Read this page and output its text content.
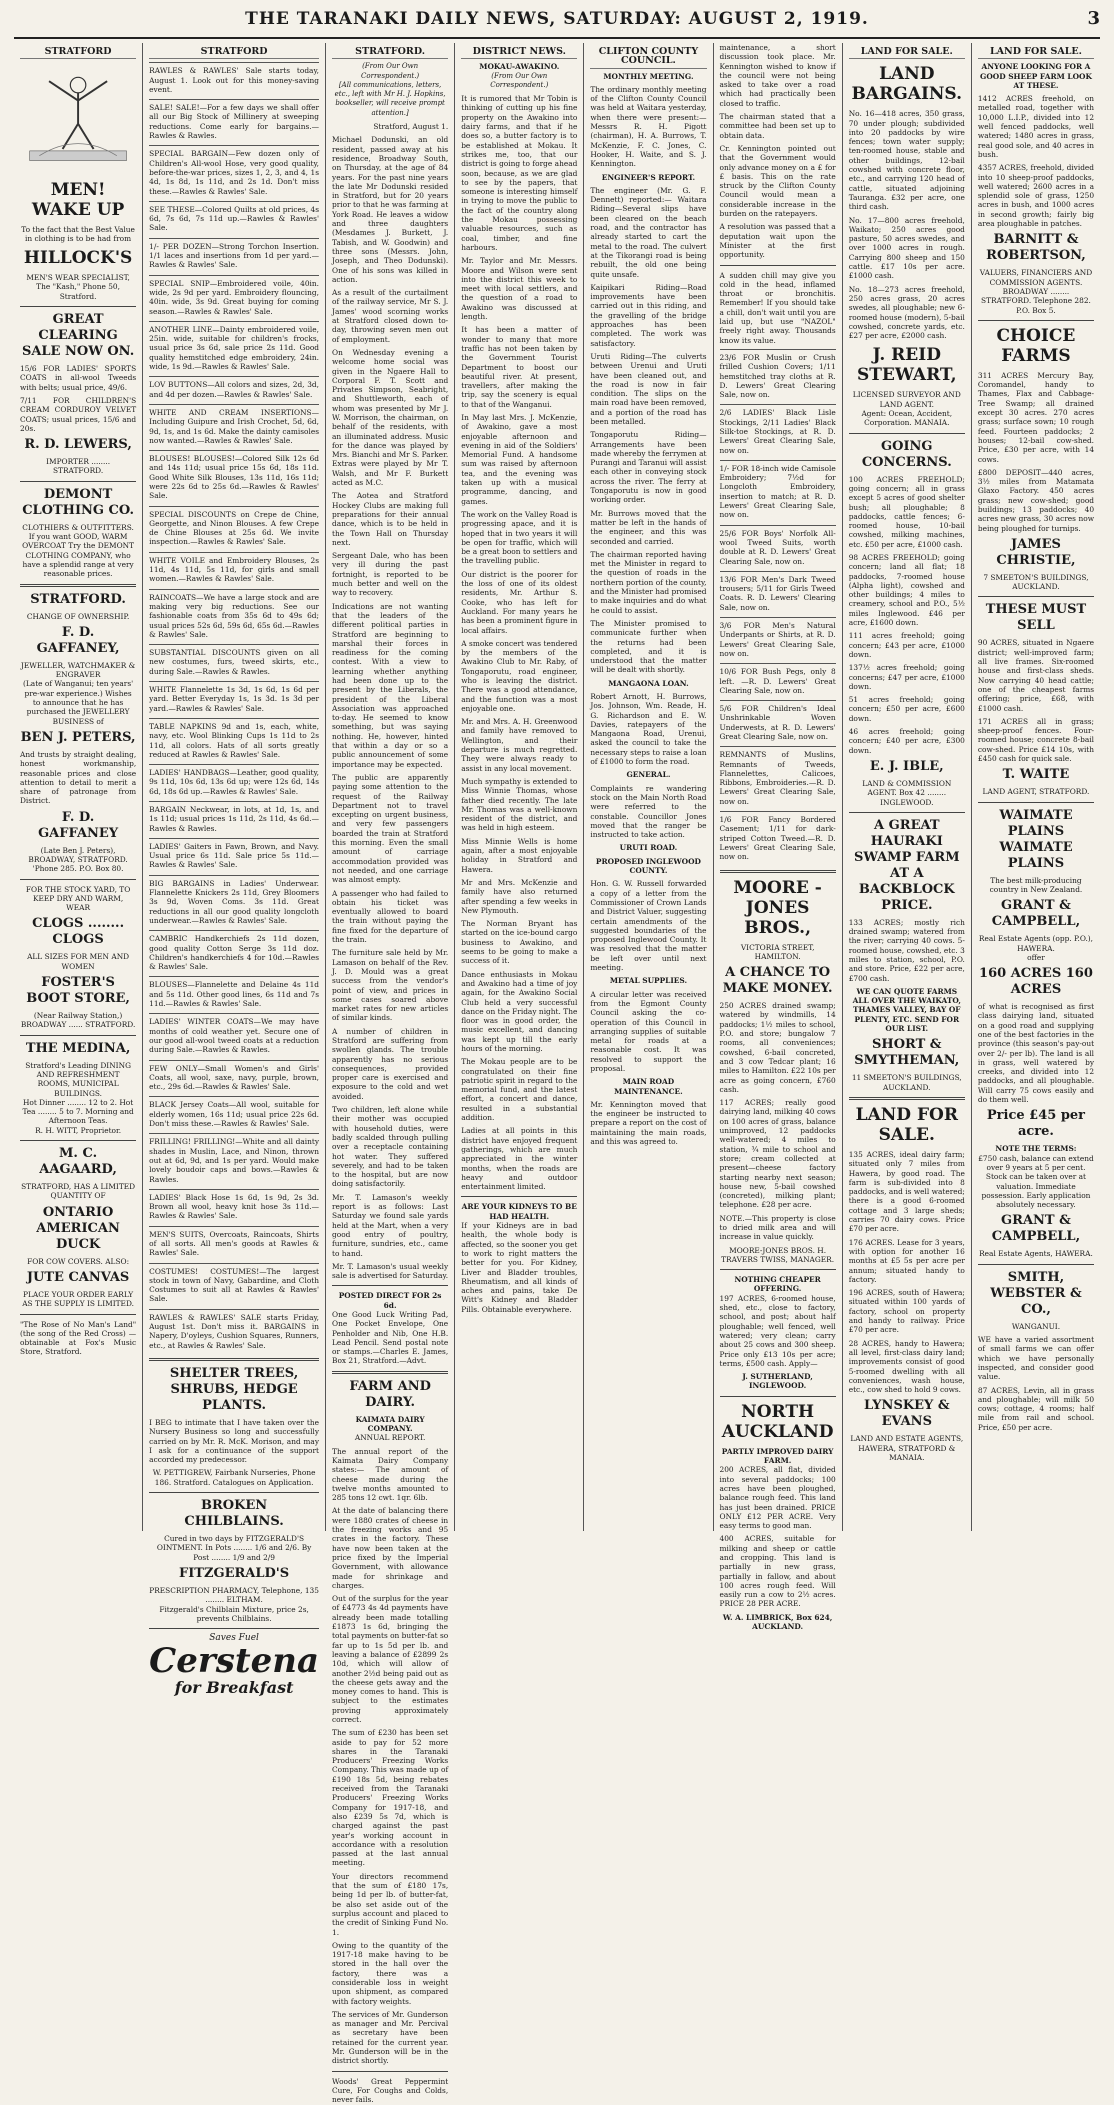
THE TARANAKI DAILY NEWS, SATURDAY: AUGUST 2, 1919.	3
STRATFORD
MEN! WAKE UP
To the fact that the Best Value in clothing is to be had from
HILLOCK'S
MEN'S WEAR SPECIALIST,
The "Kash," Phone 50, Stratford.
GREAT CLEARING SALE NOW ON.
15/6 FOR LADIES' SPORTS COATS in all-wool Tweeds with belts; usual price, 49/6.
7/11 FOR CHILDREN'S CREAM CORDUROY VELVET COATS; usual prices, 15/6 and 20s.
R. D. LEWERS,
IMPORTER ........ STRATFORD.
DEMONT CLOTHING CO.
CLOTHIERS & OUTFITTERS.
If you want GOOD, WARM OVERCOAT Try the DEMONT CLOTHING COMPANY, who have a splendid range at very reasonable prices.
STRATFORD.
CHANGE OF OWNERSHIP.
F. D. GAFFANEY,
JEWELLER, WATCHMAKER & ENGRAVER
(Late of Wanganui; ten years' pre-war experience.) Wishes to announce that he has purchased the JEWELLERY BUSINESS of
BEN J. PETERS,
And trusts by straight dealing, honest workmanship, reasonable prices and close attention to detail to merit a share of patronage from District.
F. D. GAFFANEY
(Late Ben J. Peters),
BROADWAY, STRATFORD.
'Phone 285. P.O. Box 80.
FOR THE STOCK YARD, TO KEEP DRY AND WARM, WEAR
CLOGS ........ CLOGS
ALL SIZES FOR MEN AND WOMEN
FOSTER'S BOOT STORE,
(Near Railway Station,) BROADWAY ...... STRATFORD.
THE MEDINA,
Stratford's Leading DINING AND REFRESHMENT ROOMS, MUNICIPAL BUILDINGS.
Hot Dinner ........ 12 to 2. Hot Tea ........ 5 to 7. Morning and Afternoon Teas.
R. H. WITT, Proprietor.
M. C. AAGAARD,
STRATFORD, HAS A LIMITED QUANTITY OF
ONTARIO AMERICAN DUCK
FOR COW COVERS. ALSO:
JUTE CANVAS
PLACE YOUR ORDER EARLY AS THE SUPPLY IS LIMITED.
"The Rose of No Man's Land" (the song of the Red Cross) — obtainable at Fox's Music Store, Stratford.
STRATFORD
RAWLES & RAWLES' Sale starts today, August 1. Look out for this money-saving event.
SALE! SALE!—For a few days we shall offer all our Big Stock of Millinery at sweeping reductions. Come early for bargains.—Rawles & Rawles.
SPECIAL BARGAIN—Few dozen only of Children's All-wool Hose, very good quality, before-the-war prices, sizes 1, 2, 3, and 4, 1s 4d, 1s 8d, 1s 11d, and 2s 1d. Don't miss these.—Rawles & Rawles' Sale.
SEE THESE—Colored Quilts at old prices, 4s 6d, 7s 6d, 7s 11d up.—Rawles & Rawles' Sale.
1/- PER DOZEN—Strong Torchon Insertion. 1/1 laces and insertions from 1d per yard.—Rawles & Rawles' Sale.
SPECIAL SNIP—Embroidered voile, 40in. wide, 2s 9d per yard. Embroidery flouncing, 40in. wide, 3s 9d. Great buying for coming season.—Rawles & Rawles' Sale.
ANOTHER LINE—Dainty embroidered voile, 25in. wide, suitable for children's frocks, usual price 3s 6d, sale price 2s 11d. Good quality hemstitched edge embroidery, 24in. wide, 1s 9d.—Rawles & Rawles' Sale.
LOV BUTTONS—All colors and sizes, 2d, 3d, and 4d per dozen.—Rawles & Rawles' Sale.
WHITE AND CREAM INSERTIONS—Including Guipure and Irish Crochet, 5d, 6d, 9d, 1s, and 1s 6d. Make the dainty camisoles now wanted.—Rawles & Rawles' Sale.
BLOUSES! BLOUSES!—Colored Silk 12s 6d and 14s 11d; usual price 15s 6d, 18s 11d. Good White Silk Blouses, 13s 11d, 16s 11d; were 22s 6d to 25s 6d.—Rawles & Rawles' Sale.
SPECIAL DISCOUNTS on Crepe de Chine, Georgette, and Ninon Blouses. A few Crepe de Chine Blouses at 25s 6d. We invite inspection.—Rawles & Rawles' Sale.
WHITE VOILE and Embroidery Blouses, 2s 11d, 4s 11d, 5s 11d, for girls and small women.—Rawles & Rawles' Sale.
RAINCOATS—We have a large stock and are making very big reductions. See our fashionable coats from 35s 6d to 49s 6d; usual prices 52s 6d, 59s 6d, 65s 6d.—Rawles & Rawles' Sale.
SUBSTANTIAL DISCOUNTS given on all new costumes, furs, tweed skirts, etc., during Sale.—Rawles & Rawles.
WHITE Flannelette 1s 3d, 1s 6d, 1s 6d per yard. Better Everyday 1s, 1s 3d. 1s 3d per yard.—Rawles & Rawles' Sale.
TABLE NAPKINS 9d and 1s, each, white, navy, etc. Wool Blinking Cups 1s 11d to 2s 11d, all colors. Hats of all sorts greatly reduced at Rawles & Rawles' Sale.
LADIES' HANDBAGS—Leather, good quality, 9s 11d, 10s 6d, 13s 6d up; were 12s 6d, 14s 6d, 18s 6d up.—Rawles & Rawles' Sale.
BARGAIN Neckwear, in lots, at 1d, 1s, and 1s 11d; usual prices 1s 11d, 2s 11d, 4s 6d.—Rawles & Rawles.
LADIES' Gaiters in Fawn, Brown, and Navy. Usual price 6s 11d. Sale price 5s 11d.—Rawles & Rawles' Sale.
BIG BARGAINS in Ladies' Underwear. Flannelette Knickers 2s 11d, Grey Bloomers 3s 9d, Woven Coms. 3s 11d. Great reductions in all our good quality longcloth underwear.—Rawles & Rawles' Sale.
CAMBRIC Handkerchiefs 2s 11d dozen, good quality Cotton Serge 3s 11d doz. Children's handkerchiefs 4 for 10d.—Rawles & Rawles' Sale.
BLOUSES—Flannelette and Delaine 4s 11d and 5s 11d. Other good lines, 6s 11d and 7s 11d.—Rawles & Rawles' Sale.
LADIES' WINTER COATS—We may have months of cold weather yet. Secure one of our good all-wool tweed coats at a reduction during Sale.—Rawles & Rawles.
FEW ONLY—Small Women's and Girls' Coats, all wool, saxe, navy, purple, brown, etc., 29s 6d.—Rawles & Rawles' Sale.
BLACK Jersey Coats—All wool, suitable for elderly women, 16s 11d; usual price 22s 6d. Don't miss these.—Rawles & Rawles' Sale.
FRILLING! FRILLING!—White and all dainty shades in Muslin, Lace, and Ninon, thrown out at 6d, 9d, and 1s per yard. Would make lovely boudoir caps and bows.—Rawles & Rawles.
LADIES' Black Hose 1s 6d, 1s 9d, 2s 3d. Brown all wool, heavy knit hose 3s 11d.—Rawles & Rawles' Sale.
MEN'S SUITS, Overcoats, Raincoats, Shirts of all sorts. All men's goods at Rawles & Rawles' Sale.
COSTUMES! COSTUMES!—The largest stock in town of Navy, Gabardine, and Cloth Costumes to suit all at Rawles & Rawles' Sale.
RAWLES & RAWLES' SALE starts Friday, August 1st. Don't miss it. BARGAINS in Napery, D'oyleys, Cushion Squares, Runners, etc., at Rawles & Rawles' Sale.
SHELTER TREES, SHRUBS, HEDGE PLANTS.
I BEG to intimate that I have taken over the Nursery Business so long and successfully carried on by Mr. R. McK. Morison, and may I ask for a continuance of the support accorded my predecessor.
W. PETTIGREW, Fairbank Nurseries, Phone 186. Stratford. Catalogues on Application.
BROKEN CHILBLAINS.
Cured in two days by FITZGERALD'S OINTMENT. In Pots ........ 1/6 and 2/6. By Post ........ 1/9 and 2/9
FITZGERALD'S
PRESCRIPTION PHARMACY, Telephone, 135 ........ ELTHAM.
Fitzgerald's Chilblain Mixture, price 2s, prevents Chilblains.
Saves Fuel
Cerstena
for Breakfast
STRATFORD.
(From Our Own Correspondent.)
[All communications, letters, etc., left with Mr H. J. Hopkins, bookseller, will receive prompt attention.]
Stratford, August 1.
Michael Dodunski, an old resident, passed away at his residence, Broadway South, on Thursday, at the age of 84 years. For the past nine years the late Mr Dodunski resided in Stratford, but for 20 years prior to that he was farming at York Road. He leaves a widow and three daughters (Mesdames J. Burkett, J. Tabish, and W. Goodwin) and three sons (Messrs. John, Joseph, and Theo Dodunski). One of his sons was killed in action.
As a result of the curtailment of the railway service, Mr S. J. James' wood scorning works at Stratford closed down to-day, throwing seven men out of employment.
On Wednesday evening a welcome home social was given in the Ngaere Hall to Corporal F. T. Scott and Privates Simpson, Seabright, and Shuttleworth, each of whom was presented by Mr J. W. Morrison, the chairman, on behalf of the residents, with an illuminated address. Music for the dance was played by Mrs. Bianchi and Mr S. Parker. Extras were played by Mr T. Walsh, and Mr F. Burkett acted as M.C.
The Aotea and Stratford Hockey Clubs are making full preparations for their annual dance, which is to be held in the Town Hall on Thursday next.
Sergeant Dale, who has been very ill during the past fortnight, is reported to be much better and well on the way to recovery.
Indications are not wanting that the leaders of the different political parties in Stratford are beginning to marshal their forces in readiness for the coming contest. With a view to learning whether anything had been done up to the present by the Liberals, the president of the Liberal Association was approached to-day. He seemed to know something, but was saying nothing. He, however, hinted that within a day or so a public announcement of some importance may be expected.
The public are apparently paying some attention to the request of the Railway Department not to travel excepting on urgent business, and very few passengers boarded the train at Stratford this morning. Even the small amount of carriage accommodation provided was not needed, and one carriage was almost empty.
A passenger who had failed to obtain his ticket was eventually allowed to board the train without paying the fine fixed for the departure of the train.
The furniture sale held by Mr. Lamason on behalf of the Rev. J. D. Mould was a great success from the vendor's point of view, and prices in some cases soared above market rates for new articles of similar kinds.
A number of children in Stratford are suffering from swollen glands. The trouble apparently has no serious consequences, provided proper care is exercised and exposure to the cold and wet avoided.
Two children, left alone while their mother was occupied with household duties, were badly scalded through pulling over a receptacle containing hot water. They suffered severely, and had to be taken to the hospital, but are now doing satisfactorily.
Mr. T. Lamason's weekly report is as follows: Last Saturday we found sale yards held at the Mart, when a very good entry of poultry, furniture, sundries, etc., came to hand.
Mr. T. Lamason's usual weekly sale is advertised for Saturday.
POSTED DIRECT FOR 2s 6d.
One Good Luck Writing Pad, One Pocket Envelope, One Penholder and Nib, One H.B. Lead Pencil. Send postal note or stamps.—Charles E. James, Box 21, Stratford.—Advt.
FARM AND DAIRY.
KAIMATA DAIRY COMPANY.
ANNUAL REPORT.
The annual report of the Kaimata Dairy Company states:— The amount of cheese made during the twelve months amounted to 285 tons 12 cwt. 1qr. 6lb.
At the date of balancing there were 1880 crates of cheese in the freezing works and 95 crates in the factory. These have now been taken at the price fixed by the Imperial Government, with allowance made for shrinkage and charges.
Out of the surplus for the year of £4773 4s 4d payments have already been made totalling £1873 1s 6d, bringing the total payments on butter-fat so far up to 1s 5d per lb. and leaving a balance of £2899 2s 10d, which will allow of another 2½d being paid out as the cheese gets away and the money comes to hand. This is subject to the estimates proving approximately correct.
The sum of £230 has been set aside to pay for 52 more shares in the Taranaki Producers' Freezing Works Company. This was made up of £190 18s 5d, being rebates received from the Taranaki Producers' Freezing Works Company for 1917-18, and also £239 5s 7d, which is charged against the past year's working account in accordance with a resolution passed at the last annual meeting.
Your directors recommend that the sum of £180 17s, being 1d per lb. of butter-fat, be also set aside out of the surplus account and placed to the credit of Sinking Fund No. 1.
Owing to the quantity of the 1917-18 make having to be stored in the hall over the factory, there was a considerable loss in weight upon shipment, as compared with factory weights.
The services of Mr. Gunderson as manager and Mr. Percival as secretary have been retained for the current year. Mr. Gunderson will be in the district shortly.
Woods' Great Peppermint Cure, For Coughs and Colds, never fails.
DISTRICT NEWS.
MOKAU-AWAKINO.
(From Our Own Correspondent.)
It is rumored that Mr Tobin is thinking of cutting up his fine property on the Awakino into dairy farms, and that if he does so, a butter factory is to be established at Mokau. It strikes me, too, that our district is going to forge ahead soon, because, as we are glad to see by the papers, that someone is interesting himself in trying to move the public to the fact of the country along the Mokau possessing valuable resources, such as coal, timber, and fine harbours.
Mr. Taylor and Mr. Messrs. Moore and Wilson were sent into the district this week to meet with local settlers, and the question of a road to Awakino was discussed at length.
It has been a matter of wonder to many that more traffic has not been taken by the Government Tourist Department to boost our beautiful river. At present, travellers, after making the trip, say the scenery is equal to that of the Wanganui.
In May last Mrs. J. McKenzie, of Awakino, gave a most enjoyable afternoon and evening in aid of the Soldiers' Memorial Fund. A handsome sum was raised by afternoon tea, and the evening was taken up with a musical programme, dancing, and games.
The work on the Valley Road is progressing apace, and it is hoped that in two years it will be open for traffic, which will be a great boon to settlers and the travelling public.
Our district is the poorer for the loss of one of its oldest residents, Mr. Arthur S. Cooke, who has left for Auckland. For many years he has been a prominent figure in local affairs.
A smoke concert was tendered by the members of the Awakino Club to Mr. Raby, of Tongaporutu, road engineer, who is leaving the district. There was a good attendance, and the function was a most enjoyable one.
Mr. and Mrs. A. H. Greenwood and family have removed to Wellington, and their departure is much regretted. They were always ready to assist in any local movement.
Much sympathy is extended to Miss Winnie Thomas, whose father died recently. The late Mr. Thomas was a well-known resident of the district, and was held in high esteem.
Miss Minnie Wells is home again, after a most enjoyable holiday in Stratford and Hawera.
Mr and Mrs. McKenzie and family have also returned after spending a few weeks in New Plymouth.
The Norman Bryant has started on the ice-bound cargo business to Awakino, and seems to be going to make a success of it.
Dance enthusiasts in Mokau and Awakino had a time of joy again, for the Awakino Social Club held a very successful dance on the Friday night. The floor was in good order, the music excellent, and dancing was kept up till the early hours of the morning.
The Mokau people are to be congratulated on their fine patriotic spirit in regard to the memorial fund, and the latest effort, a concert and dance, resulted in a substantial addition.
Ladies at all points in this district have enjoyed frequent gatherings, which are much appreciated in the winter months, when the roads are heavy and outdoor entertainment limited.
ARE YOUR KIDNEYS TO BE HAD HEALTH.
If your Kidneys are in bad health, the whole body is affected, so the sooner you get to work to right matters the better for you. For Kidney, Liver and Bladder troubles, Rheumatism, and all kinds of aches and pains, take De Witt's Kidney and Bladder Pills. Obtainable everywhere.
CLIFTON COUNTY COUNCIL.
MONTHLY MEETING.
The ordinary monthly meeting of the Clifton County Council was held at Waitara yesterday, when there were present:—Messrs R. H. Pigott (chairman), H. A. Burrows, T. McKenzie, F. C. Jones, C. Hooker, H. Waite, and S. J. Kennington.
ENGINEER'S REPORT.
The engineer (Mr. G. F. Dennett) reported:— Waitara Riding—Several slips have been cleared on the beach road, and the contractor has already started to cart the metal to the road. The culvert at the Tikorangi road is being rebuilt, the old one being quite unsafe.
Kaipikari Riding—Road improvements have been carried out in this riding, and the gravelling of the bridge approaches has been completed. The work was satisfactory.
Uruti Riding—The culverts between Urenui and Uruti have been cleaned out, and the road is now in fair condition. The slips on the main road have been removed, and a portion of the road has been metalled.
Tongaporutu Riding—Arrangements have been made whereby the ferrymen at Purangi and Taranui will assist each other in conveying stock across the river. The ferry at Tongaporutu is now in good working order.
Mr. Burrows moved that the matter be left in the hands of the engineer, and this was seconded and carried.
The chairman reported having met the Minister in regard to the question of roads in the northern portion of the county, and the Minister had promised to make inquiries and do what he could to assist.
The Minister promised to communicate further when the returns had been completed, and it is understood that the matter will be dealt with shortly.
MANGAONA LOAN.
Robert Arnott, H. Burrows, Jos. Johnson, Wm. Reade, H. G. Richardson and E. W. Davies, ratepayers of the Mangaona Road, Urenui, asked the council to take the necessary steps to raise a loan of £1000 to form the road.
GENERAL.
Complaints re wandering stock on the Main North Road were referred to the constable. Councillor Jones moved that the ranger be instructed to take action.
URUTI ROAD.
PROPOSED INGLEWOOD COUNTY.
Hon. G. W. Russell forwarded a copy of a letter from the Commissioner of Crown Lands and District Valuer, suggesting certain amendments of the suggested boundaries of the proposed Inglewood County. It was resolved that the matter be left over until next meeting.
METAL SUPPLIES.
A circular letter was received from the Egmont County Council asking the co-operation of this Council in arranging supplies of suitable metal for roads at a reasonable cost. It was resolved to support the proposal.
MAIN ROAD MAINTENANCE.
Mr. Kennington moved that the engineer be instructed to prepare a report on the cost of maintaining the main roads, and this was agreed to.
maintenance, a short discussion took place. Mr. Kennington wished to know if the council were not being asked to take over a road which had practically been closed to traffic.
The chairman stated that a committee had been set up to obtain data.
Cr. Kennington pointed out that the Government would only advance money on a £ for £ basis. This on the rate struck by the Clifton County Council would mean a considerable increase in the burden on the ratepayers.
A resolution was passed that a deputation wait upon the Minister at the first opportunity.
A sudden chill may give you cold in the head, inflamed throat or bronchitis. Remember! If you should take a chill, don't wait until you are laid up, but use "NAZOL" freely right away. Thousands know its value.
23/6 FOR Muslin or Crush frilled Cushion Covers; 1/11 hemstitched tray cloths at R. D. Lewers' Great Clearing Sale, now on.
2/6 LADIES' Black Lisle Stockings, 2/11 Ladies' Black Silk-toe Stockings, at R. D. Lewers' Great Clearing Sale, now on.
1/- FOR 18-inch wide Camisole Embroidery; 7½d for Longcloth Embroidery, insertion to match; at R. D. Lewers' Great Clearing Sale, now on.
25/6 FOR Boys' Norfolk All-wool Tweed Suits, worth double at R. D. Lewers' Great Clearing Sale, now on.
13/6 FOR Men's Dark Tweed trousers; 5/11 for Girls Tweed Coats. R. D. Lewers' Clearing Sale, now on.
3/6 FOR Men's Natural Underpants or Shirts, at R. D. Lewers' Great Clearing Sale, now on.
10/6 FOR Bush Pegs, only 8 left. —R. D. Lewers' Great Clearing Sale, now on.
5/6 FOR Children's Ideal Unshrinkable Woven Underwests, at R. D. Lewers' Great Clearing Sale, now on.
REMNANTS of Muslins, Remnants of Tweeds, Flannelettes, Calicoes, Ribbons, Embroideries.—R. D. Lewers' Great Clearing Sale, now on.
1/6 FOR Fancy Bordered Casement; 1/11 for dark-striped Cotton Tweed.—R. D. Lewers' Great Clearing Sale, now on.
MOORE - JONES BROS.,
VICTORIA STREET, HAMILTON.
A CHANCE TO MAKE MONEY.
250 ACRES drained swamp; watered by windmills, 14 paddocks; 1½ miles to school, P.O. and store; bungalow 7 rooms, all conveniences; cowshed, 6-bail concreted, and 3 cow Tedcar plant; 16 miles to Hamilton. £22 10s per acre as going concern, £760 cash.
117 ACRES; really good dairying land, milking 40 cows on 100 acres of grass, balance unimproved, 12 paddocks well-watered; 4 miles to station, ¾ mile to school and store; cream collected at present—cheese factory starting nearby next season; house new, 5-bail cowshed (concreted), milking plant; telephone. £28 per acre.
NOTE.—This property is close to dried milk area and will increase in value quickly.
MOORE-JONES BROS. H. TRAVERS TWISS, MANAGER.
NOTHING CHEAPER OFFERING.
197 ACRES, 6-roomed house, shed, etc., close to factory, school, and post; about half ploughable; well fenced, well watered; very clean; carry about 25 cows and 300 sheep. Price only £13 10s per acre; terms, £500 cash. Apply—
J. SUTHERLAND, INGLEWOOD.
NORTH AUCKLAND
PARTLY IMPROVED DAIRY FARM.
200 ACRES, all flat, divided into several paddocks; 100 acres have been ploughed, balance rough feed. This land has just been drained. PRICE ONLY £12 PER ACRE. Very easy terms to good man.
400 ACRES, suitable for milking and sheep or cattle and cropping. This land is partially in new grass, partially in fallow, and about 100 acres rough feed. Will easily run a cow to 2½ acres. PRICE 28 PER ACRE.
W. A. LIMBRICK, Box 624, AUCKLAND.
LAND FOR SALE.
LAND BARGAINS.
No. 16—418 acres, 350 grass, 70 under plough; subdivided into 20 paddocks by wire fences; town water supply; ten-roomed house, stable and other buildings, 12-bail cowshed with concrete floor, etc., and carrying 120 head of cattle, situated adjoining Tauranga. £32 per acre, one third cash.
No. 17—800 acres freehold, Waikato; 250 acres good pasture, 50 acres swedes, and over 1000 acres in rough. Carrying 800 sheep and 150 cattle. £17 10s per acre. £1000 cash.
No. 18—273 acres freehold, 250 acres grass, 20 acres swedes, all ploughable; new 6-roomed house (modern), 5-bail cowshed, concrete yards, etc. £27 per acre, £2000 cash.
J. REID STEWART,
LICENSED SURVEYOR AND LAND AGENT.
Agent: Ocean, Accident, Corporation. MANAIA.
GOING CONCERNS.
100 ACRES FREEHOLD; going concern; all in grass except 5 acres of good shelter bush; all ploughable; 8 paddocks, cattle fences; 6-roomed house, 10-bail cowshed, milking machines, etc. £50 per acre, £1000 cash.
98 ACRES FREEHOLD; going concern; land all flat; 18 paddocks, 7-roomed house (Alpha light), cowshed and other buildings; 4 miles to creamery, school and P.O., 5½ miles Inglewood. £46 per acre, £1600 down.
111 acres freehold; going concern; £43 per acre, £1000 down.
137½ acres freehold; going concerns; £47 per acre, £1000 down.
51 acres freehold; going concern; £50 per acre, £600 down.
46 acres freehold; going concern; £40 per acre, £300 down.
E. J. IBLE,
LAND & COMMISSION AGENT. Box 42 ........ INGLEWOOD.
A GREAT HAURAKI SWAMP FARM AT A BACKBLOCK PRICE.
133 ACRES; mostly rich drained swamp; watered from the river; carrying 40 cows. 5-roomed house, cowshed, etc. 3 miles to station, school, P.O. and store. Price, £22 per acre, £700 cash.
WE CAN QUOTE FARMS ALL OVER THE WAIKATO, THAMES VALLEY, BAY OF PLENTY, ETC. SEND FOR OUR LIST.
SHORT & SMYTHEMAN,
11 SMEETON'S BUILDINGS, AUCKLAND.
LAND FOR SALE.
135 ACRES, ideal dairy farm; situated only 7 miles from Hawera, by good road. The farm is sub-divided into 8 paddocks, and is well watered; there is a good 6-roomed cottage and 3 large sheds; carries 70 dairy cows. Price £70 per acre.
176 ACRES. Lease for 3 years, with option for another 16 months at £5 5s per acre per annum; situated handy to factory.
196 ACRES, south of Hawera; situated within 100 yards of factory, school on property and handy to railway. Price £70 per acre.
28 ACRES, handy to Hawera; all level, first-class dairy land; improvements consist of good 5-roomed dwelling with all conveniences, wash house, etc., cow shed to hold 9 cows.
LYNSKEY & EVANS
LAND AND ESTATE AGENTS, HAWERA, STRATFORD & MANAIA.
LAND FOR SALE.
ANYONE LOOKING FOR A GOOD SHEEP FARM LOOK AT THESE.
1412 ACRES freehold, on metalled road, together with 10,000 L.I.P., divided into 12 well fenced paddocks, well watered; 1480 acres in grass, real good sole, and 40 acres in bush.
4357 ACRES, freehold, divided into 10 sheep-proof paddocks, well watered; 2600 acres in a splendid sole of grass, 1250 acres in bush, and 1000 acres in second growth; fairly big area ploughable in patches.
BARNITT & ROBERTSON,
VALUERS, FINANCIERS AND COMMISSION AGENTS.
BROADWAY ........ STRATFORD. Telephone 282. P.O. Box 5.
CHOICE FARMS
311 ACRES Mercury Bay, Coromandel, handy to Thames, Flax and Cabbage-Tree Swamp; all drained except 30 acres. 270 acres grass; surface sown; 10 rough feed. Fourteen paddocks; 2 houses; 12-bail cow-shed. Price, £30 per acre, with 14 cows.
£800 DEPOSIT—440 acres, 3½ miles from Matamata Glaxo Factory. 450 acres grass; new cow-shed; good buildings; 13 paddocks; 40 acres new grass, 30 acres now being ploughed for turnips.
JAMES CHRISTIE,
7 SMEETON'S BUILDINGS, AUCKLAND.
THESE MUST SELL
90 ACRES, situated in Ngaere district; well-improved farm; all live frames. Six-roomed house and first-class sheds. Now carrying 40 head cattle; one of the cheapest farms offering; price, £68, with £1000 cash.
171 ACRES all in grass; sheep-proof fences. Four-roomed house; concrete 8-bail cow-shed. Price £14 10s, with £450 cash for quick sale.
T. WAITE
LAND AGENT, STRATFORD.
WAIMATE PLAINS WAIMATE PLAINS
The best milk-producing country in New Zealand.
GRANT & CAMPBELL,
Real Estate Agents (opp. P.O.), HAWERA.
offer
160 ACRES 160 ACRES
of what is recognised as first class dairying land, situated on a good road and supplying one of the best factories in the province (this season's pay-out over 2/- per lb). The land is all in grass, well watered by creeks, and divided into 12 paddocks, and all ploughable. Will carry 75 cows easily and do them well.
Price £45 per acre.
NOTE THE TERMS:
£750 cash, balance can extend over 9 years at 5 per cent. Stock can be taken over at valuation. Immediate possession. Early application absolutely necessary.
GRANT & CAMPBELL,
Real Estate Agents, HAWERA.
SMITH, WEBSTER & CO.,
WANGANUI.
WE have a varied assortment of small farms we can offer which we have personally inspected, and consider good value.
87 ACRES, Levin, all in grass and ploughable; will milk 50 cows; cottage, 4 rooms; half mile from rail and school. Price, £50 per acre.
